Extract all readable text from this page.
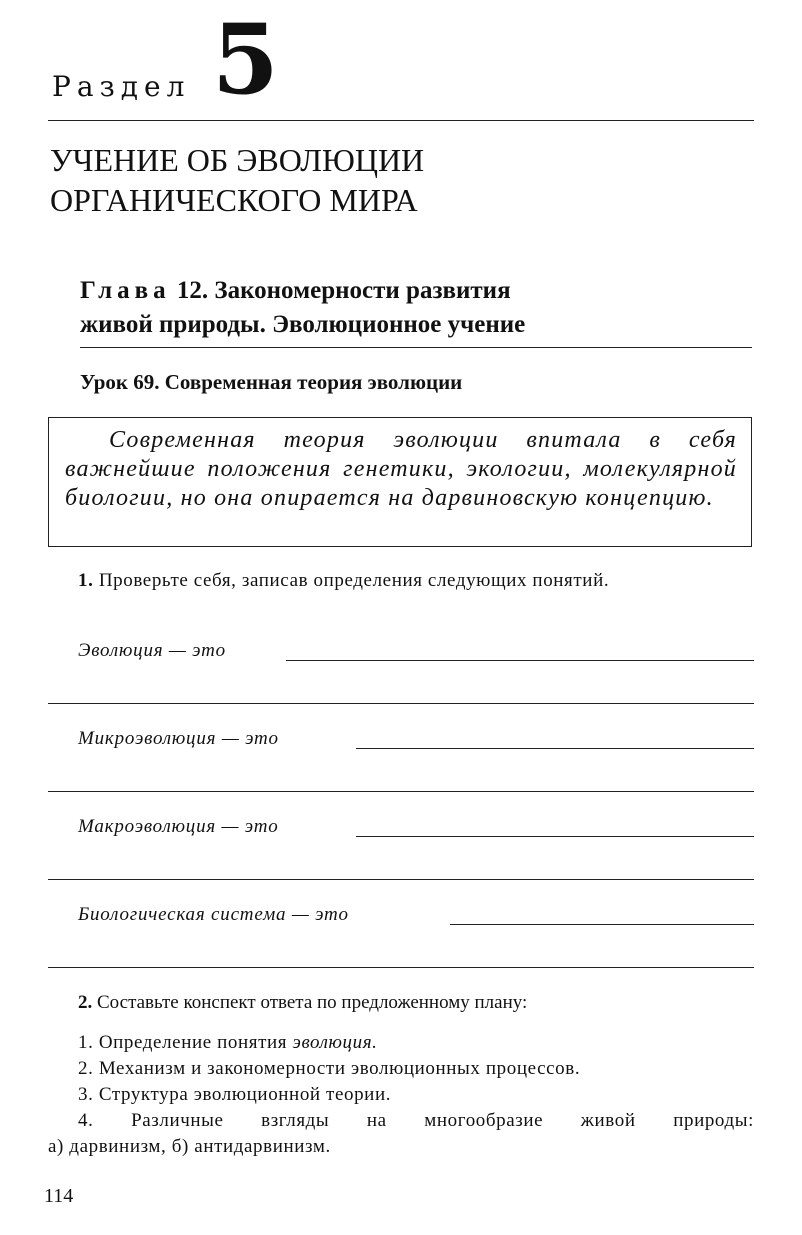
Раздел 5
УЧЕНИЕ ОБ ЭВОЛЮЦИИ
ОРГАНИЧЕСКОГО МИРА
Глава 12. Закономерности развития
живой природы. Эволюционное учение
Урок 69. Современная теория эволюции
Современная теория эволюции впитала в себя важнейшие положения генетики, экологии, молекулярной биологии, но она опирается на дарвиновскую концепцию.
1. Проверьте себя, записав определения следующих понятий.
Эволюция — это
Микроэволюция — это
Макроэволюция — это
Биологическая система — это
2. Составьте конспект ответа по предложенному плану:
1. Определение понятия эволюция.
2. Механизм и закономерности эволюционных процессов.
3. Структура эволюционной теории.
4. Различные взгляды на многообразие живой природы:
а) дарвинизм, б) антидарвинизм.
114
